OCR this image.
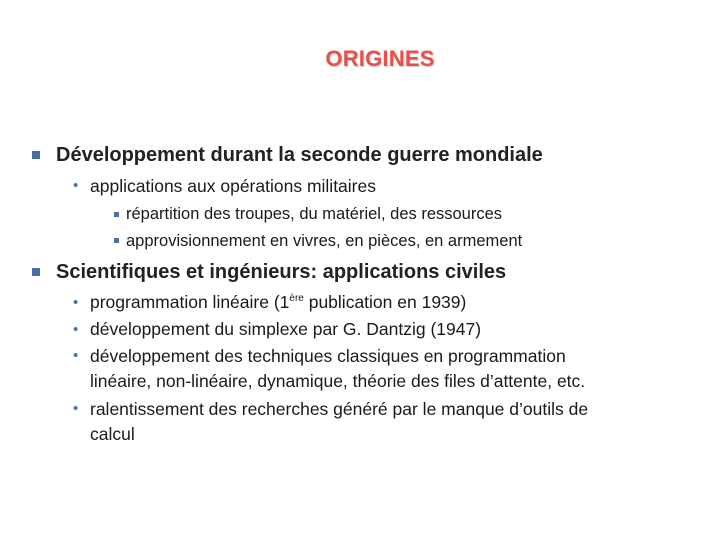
ORIGINES
Développement durant la seconde guerre mondiale
• applications aux opérations militaires
répartition des troupes, du matériel, des ressources
approvisionnement en vivres, en pièces, en armement
Scientifiques et ingénieurs: applications civiles
• programmation linéaire (1ère publication en 1939)
• développement du simplexe par G. Dantzig (1947)
• développement des techniques classiques en programmation
linéaire, non-linéaire, dynamique, théorie des files d’attente, etc.
• ralentissement des recherches généré par le manque d’outils de
calcul
